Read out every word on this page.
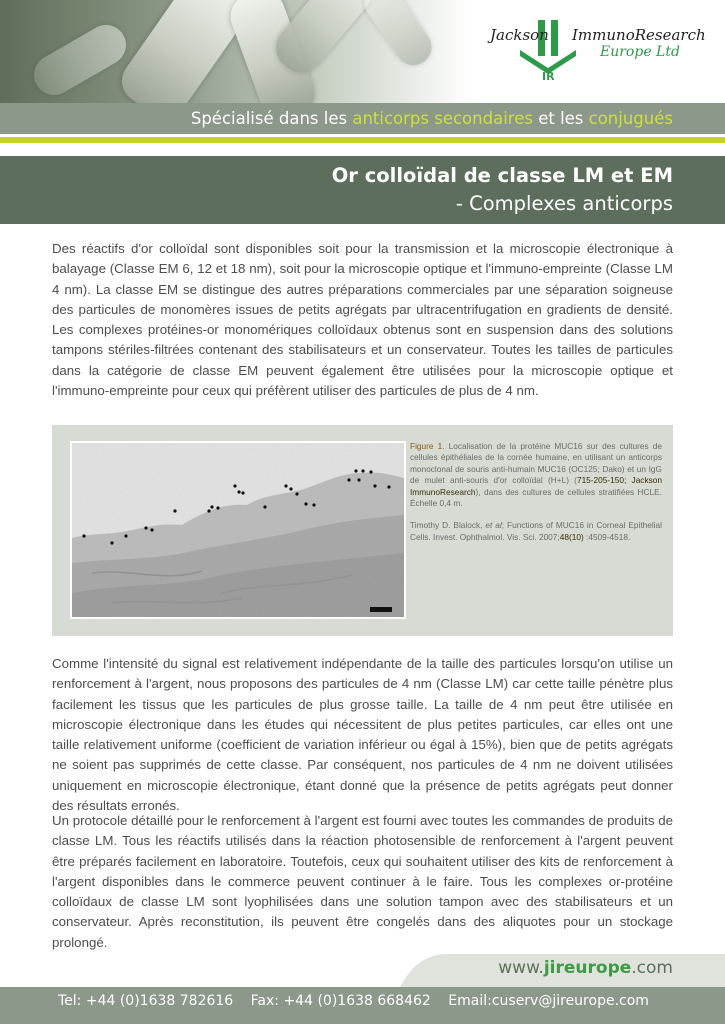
IR
Jackson ImmunoResearch
Europe Ltd
Spécialisé dans les anticorps secondaires et les conjugués
Or colloïdal de classe LM et EM
- Complexes anticorps

Des réactifs d'or colloïdal sont disponibles soit pour la transmission et la microscopie électronique à balayage (Classe EM 6, 12 et 18 nm), soit pour la microscopie optique et l'immuno-empreinte (Classe LM 4 nm). La classe EM se distingue des autres préparations commerciales par une séparation soigneuse des particules de monomères issues de petits agrégats par ultracentrifugation en gradients de densité. Les complexes protéines-or monomériques colloïdaux obtenus sont en suspension dans des solutions tampons stériles-filtrées contenant des stabilisateurs et un conservateur. Toutes les tailles de particules dans la catégorie de classe EM peuvent également être utilisées pour la microscopie optique et l'immuno-empreinte pour ceux qui préfèrent utiliser des particules de plus de 4 nm.

Figure 1. Localisation de la protéine MUC16 sur des cultures de cellules épithéliales de la cornée humaine, en utilisant un anticorps monoclonal de souris anti-humain MUC16 (OC125; Dako) et un IgG de mulet anti-souris d'or colloïdal (H+L) (715-205-150; Jackson ImmunoResearch), dans des cultures de cellules stratifiées HCLE. Échelle 0,4 m.
Timothy D. Blalock, et al; Functions of MUC16 in Corneal Epithelial Cells. Invest. Ophthalmol. Vis. Sci. 2007;48(10) :4509-4518.

Comme l'intensité du signal est relativement indépendante de la taille des particules lorsqu'on utilise un renforcement à l'argent, nous proposons des particules de 4 nm (Classe LM) car cette taille pénètre plus facilement les tissus que les particules de plus grosse taille. La taille de 4 nm peut être utilisée en microscopie électronique dans les études qui nécessitent de plus petites particules, car elles ont une taille relativement uniforme (coefficient de variation inférieur ou égal à 15%), bien que de petits agrégats ne soient pas supprimés de cette classe. Par conséquent, nos particules de 4 nm ne doivent utilisées uniquement en microscopie électronique, étant donné que la présence de petits agrégats peut donner des résultats erronés.

Un protocole détaillé pour le renforcement à l'argent est fourni avec toutes les commandes de produits de classe LM. Tous les réactifs utilisés dans la réaction photosensible de renforcement à l'argent peuvent être préparés facilement en laboratoire. Toutefois, ceux qui souhaitent utiliser des kits de renforcement à l'argent disponibles dans le commerce peuvent continuer à le faire. Tous les complexes or-protéine colloïdaux de classe LM sont lyophilisées dans une solution tampon avec des stabilisateurs et un conservateur. Après reconstitution, ils peuvent être congelés dans des aliquotes pour un stockage prolongé.

www.jireurope.com
Tel: +44 (0)1638 782616 Fax: +44 (0)1638 668462 Email:cuserv@jireurope.com
